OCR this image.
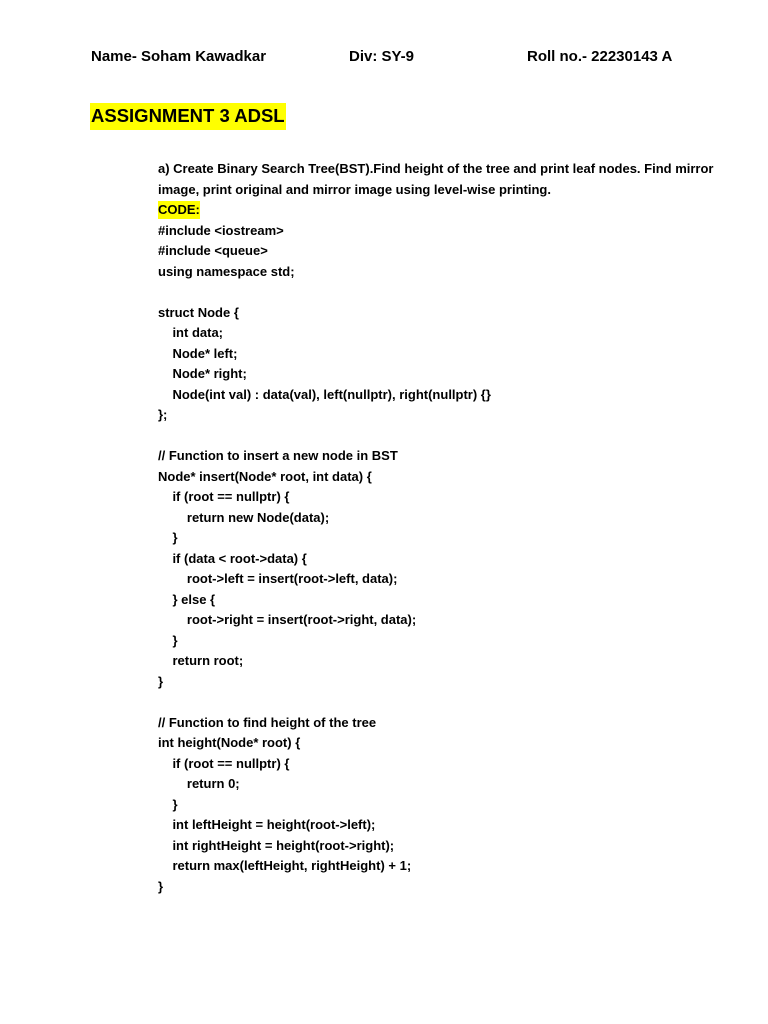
Name- Soham Kawadkar	Div: SY-9	Roll no.- 22230143 A
ASSIGNMENT 3 ADSL

a) Create Binary Search Tree(BST).Find height of the tree and print leaf nodes. Find mirror image, print original and mirror image using level-wise printing.

CODE:
#include <iostream>
#include <queue>
using namespace std;
struct Node {
int data;
Node* left;
Node* right;
Node(int val) : data(val), left(nullptr), right(nullptr) {}
};
// Function to insert a new node in BST
Node* insert(Node* root, int data) {
if (root == nullptr) {
return new Node(data);
}
if (data < root->data) {
root->left = insert(root->left, data);
} else {
root->right = insert(root->right, data);
}
return root;
}
// Function to find height of the tree
int height(Node* root) {
if (root == nullptr) {
return 0;
}
int leftHeight = height(root->left);
int rightHeight = height(root->right);
return max(leftHeight, rightHeight) + 1;
}
